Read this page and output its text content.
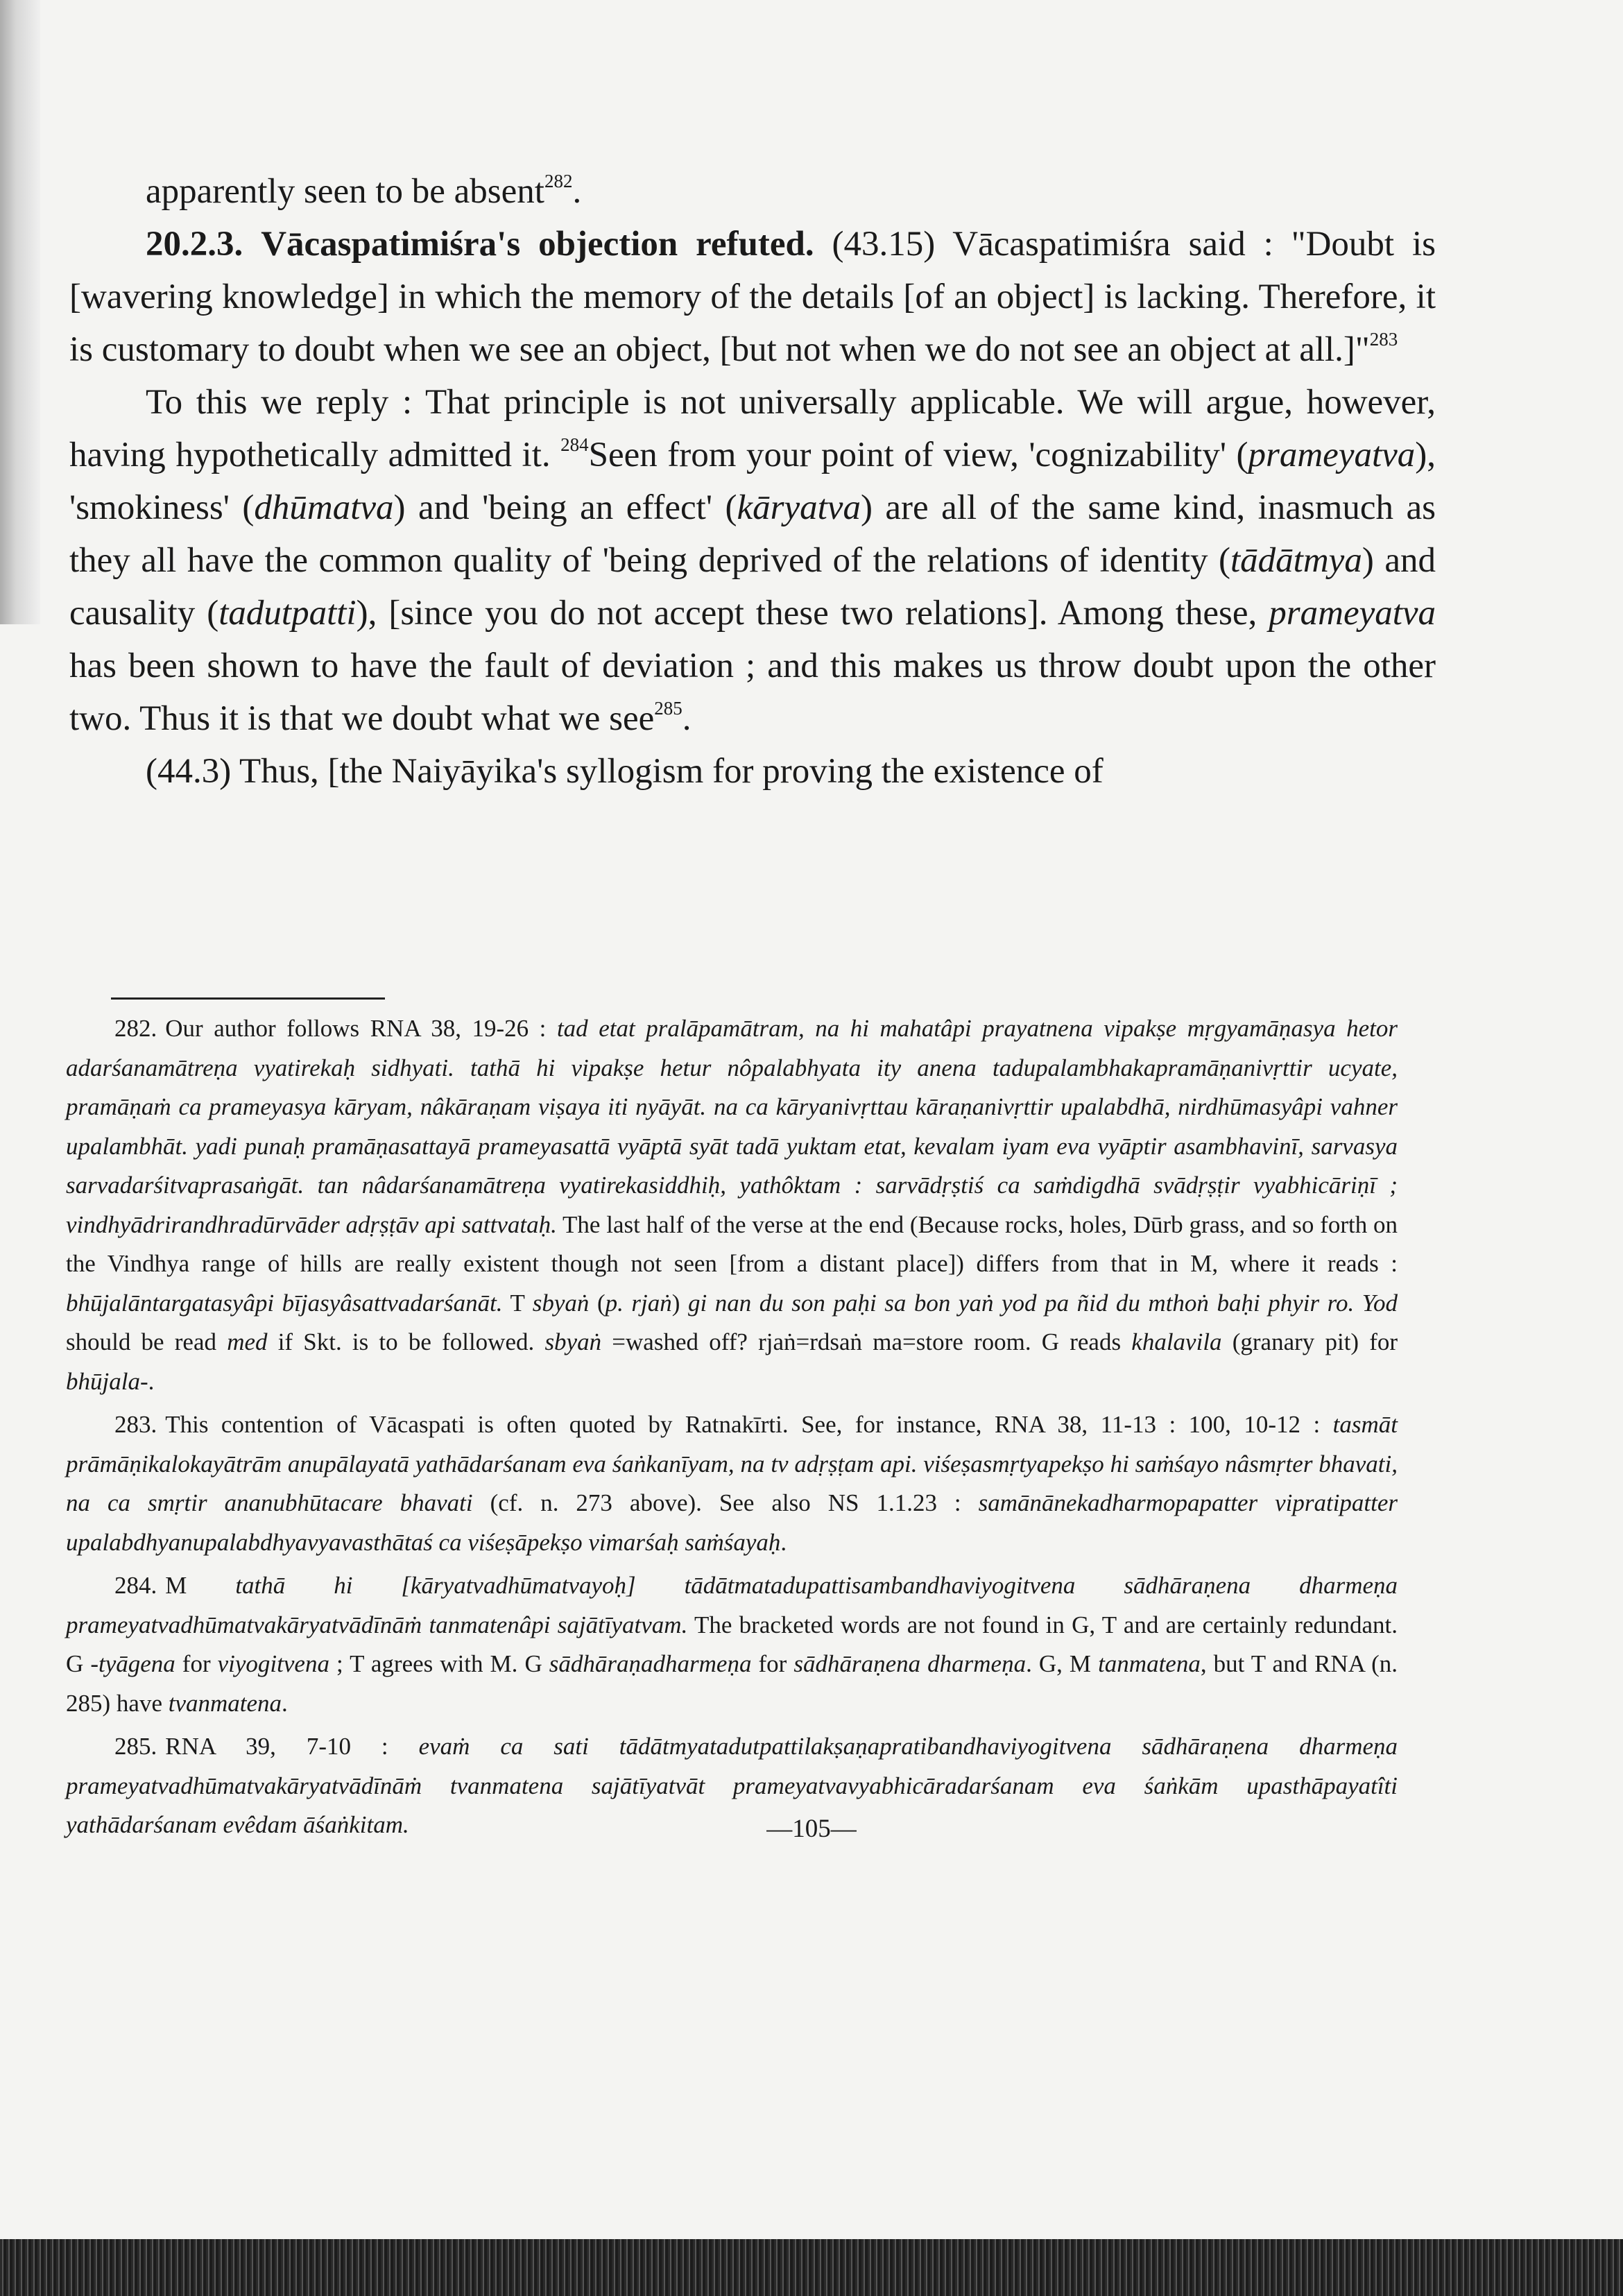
apparently seen to be absent$^{282}$.

20.2.3. Vācaspatimiśra's objection refuted. (43.15) Vācaspatimiśra said : "Doubt is [wavering knowledge] in which the memory of the details [of an object] is lacking. Therefore, it is customary to doubt when we see an object, [but not when we do not see an object at all.]"$^{283}$

To this we reply : That principle is not universally applicable. We will argue, however, having hypothetically admitted it. $^{284}$Seen from your point of view, 'cognizability' (prameyatva), 'smokiness' (dhūmatva) and 'being an effect' (kāryatva) are all of the same kind, inasmuch as they all have the common quality of 'being deprived of the relations of identity (tādātmya) and causality (tadutpatti), [since you do not accept these two relations]. Among these, prameyatva has been shown to have the fault of deviation ; and this makes us throw doubt upon the other two. Thus it is that we doubt what we see$^{285}$.

(44.3) Thus, [the Naiyāyika's syllogism for proving the existence of

282. Our author follows RNA 38, 19-26 : tad etat pralāpamātram, na hi mahatâpi prayatnena vipakṣe mṛgyamāṇasya hetor adarśanamātreṇa vyatirekaḥ sidhyati. tathā hi vipakṣe hetur nôpalabhyata ity anena tadupalambhakapramāṇanivṛttir ucyate, pramāṇaṁ ca prameyasya kāryam, nâkāraṇam viṣaya iti nyāyāt. na ca kāryanivṛttau kāraṇanivṛttir upalabdhā, nirdhūmasyâpi vahner upalambhāt. yadi punaḥ pramāṇasattayā prameyasattā vyāptā syāt tadā yuktam etat, kevalam iyam eva vyāptir asambhavinī, sarvasya sarvadarśitvaprasaṅgāt. tan nâdarśanamātreṇa vyatirekasiddhiḥ, yathôktam : sarvādṛṣtiś ca saṁdigdhā svādṛṣṭir vyabhicāriṇī ; vindhyādrirandhradūrvāder adṛṣṭāv api sattvataḥ. The last half of the verse at the end (Because rocks, holes, Dūrb grass, and so forth on the Vindhya range of hills are really existent though not seen [from a distant place]) differs from that in M, where it reads : bhūjalāntargatasyâpi bījasyâsattvadarśanāt. T sbyaṅ (p. rjaṅ) gi nan du son paḥi sa bon yaṅ yod pa ñid du mthoṅ baḥi phyir ro. Yod should be read med if Skt. is to be followed. sbyaṅ =washed off? rjaṅ=rdsaṅ ma=store room. G reads khalavila (granary pit) for bhūjala-.

283. This contention of Vācaspati is often quoted by Ratnakīrti. See, for instance, RNA 38, 11-13 : 100, 10-12 : tasmāt prāmāṇikalokayātrām anupālayatā yathādarśanam eva śaṅkanīyam, na tv adṛṣṭam api. viśeṣasmṛtyapekṣo hi saṁśayo nâsmṛter bhavati, na ca smṛtir ananubhūtacare bhavati (cf. n. 273 above). See also NS 1.1.23 : samānānekadharmopapatter vipratipatter upalabdhyanupalabdhyavyavasthātaś ca viśeṣāpekṣo vimarśaḥ saṁśayaḥ.

284. M tathā hi [kāryatvadhūmatvayoḥ] tādātmatadupattisambandhaviyogitvena sādhāraṇena dharmeṇa prameyatvadhūmatvakāryatvādīnāṁ tanmatenâpi sajātīyatvam. The bracketed words are not found in G, T and are certainly redundant. G -tyāgena for viyogitvena ; T agrees with M. G sādhāraṇadharmeṇa for sādhāraṇena dharmeṇa. G, M tanmatena, but T and RNA (n. 285) have tvanmatena.

285. RNA 39, 7-10 : evaṁ ca sati tādātmyatadutpattilakṣaṇapratibandhaviyogitvena sādhāraṇena dharmeṇa prameyatvadhūmatvakāryatvādīnāṁ tvanmatena sajātīyatvāt prameyatvavyabhicāradarśanam eva śaṅkām upasthāpayatîti yathādarśanam evêdam āśaṅkitam.	—105—
